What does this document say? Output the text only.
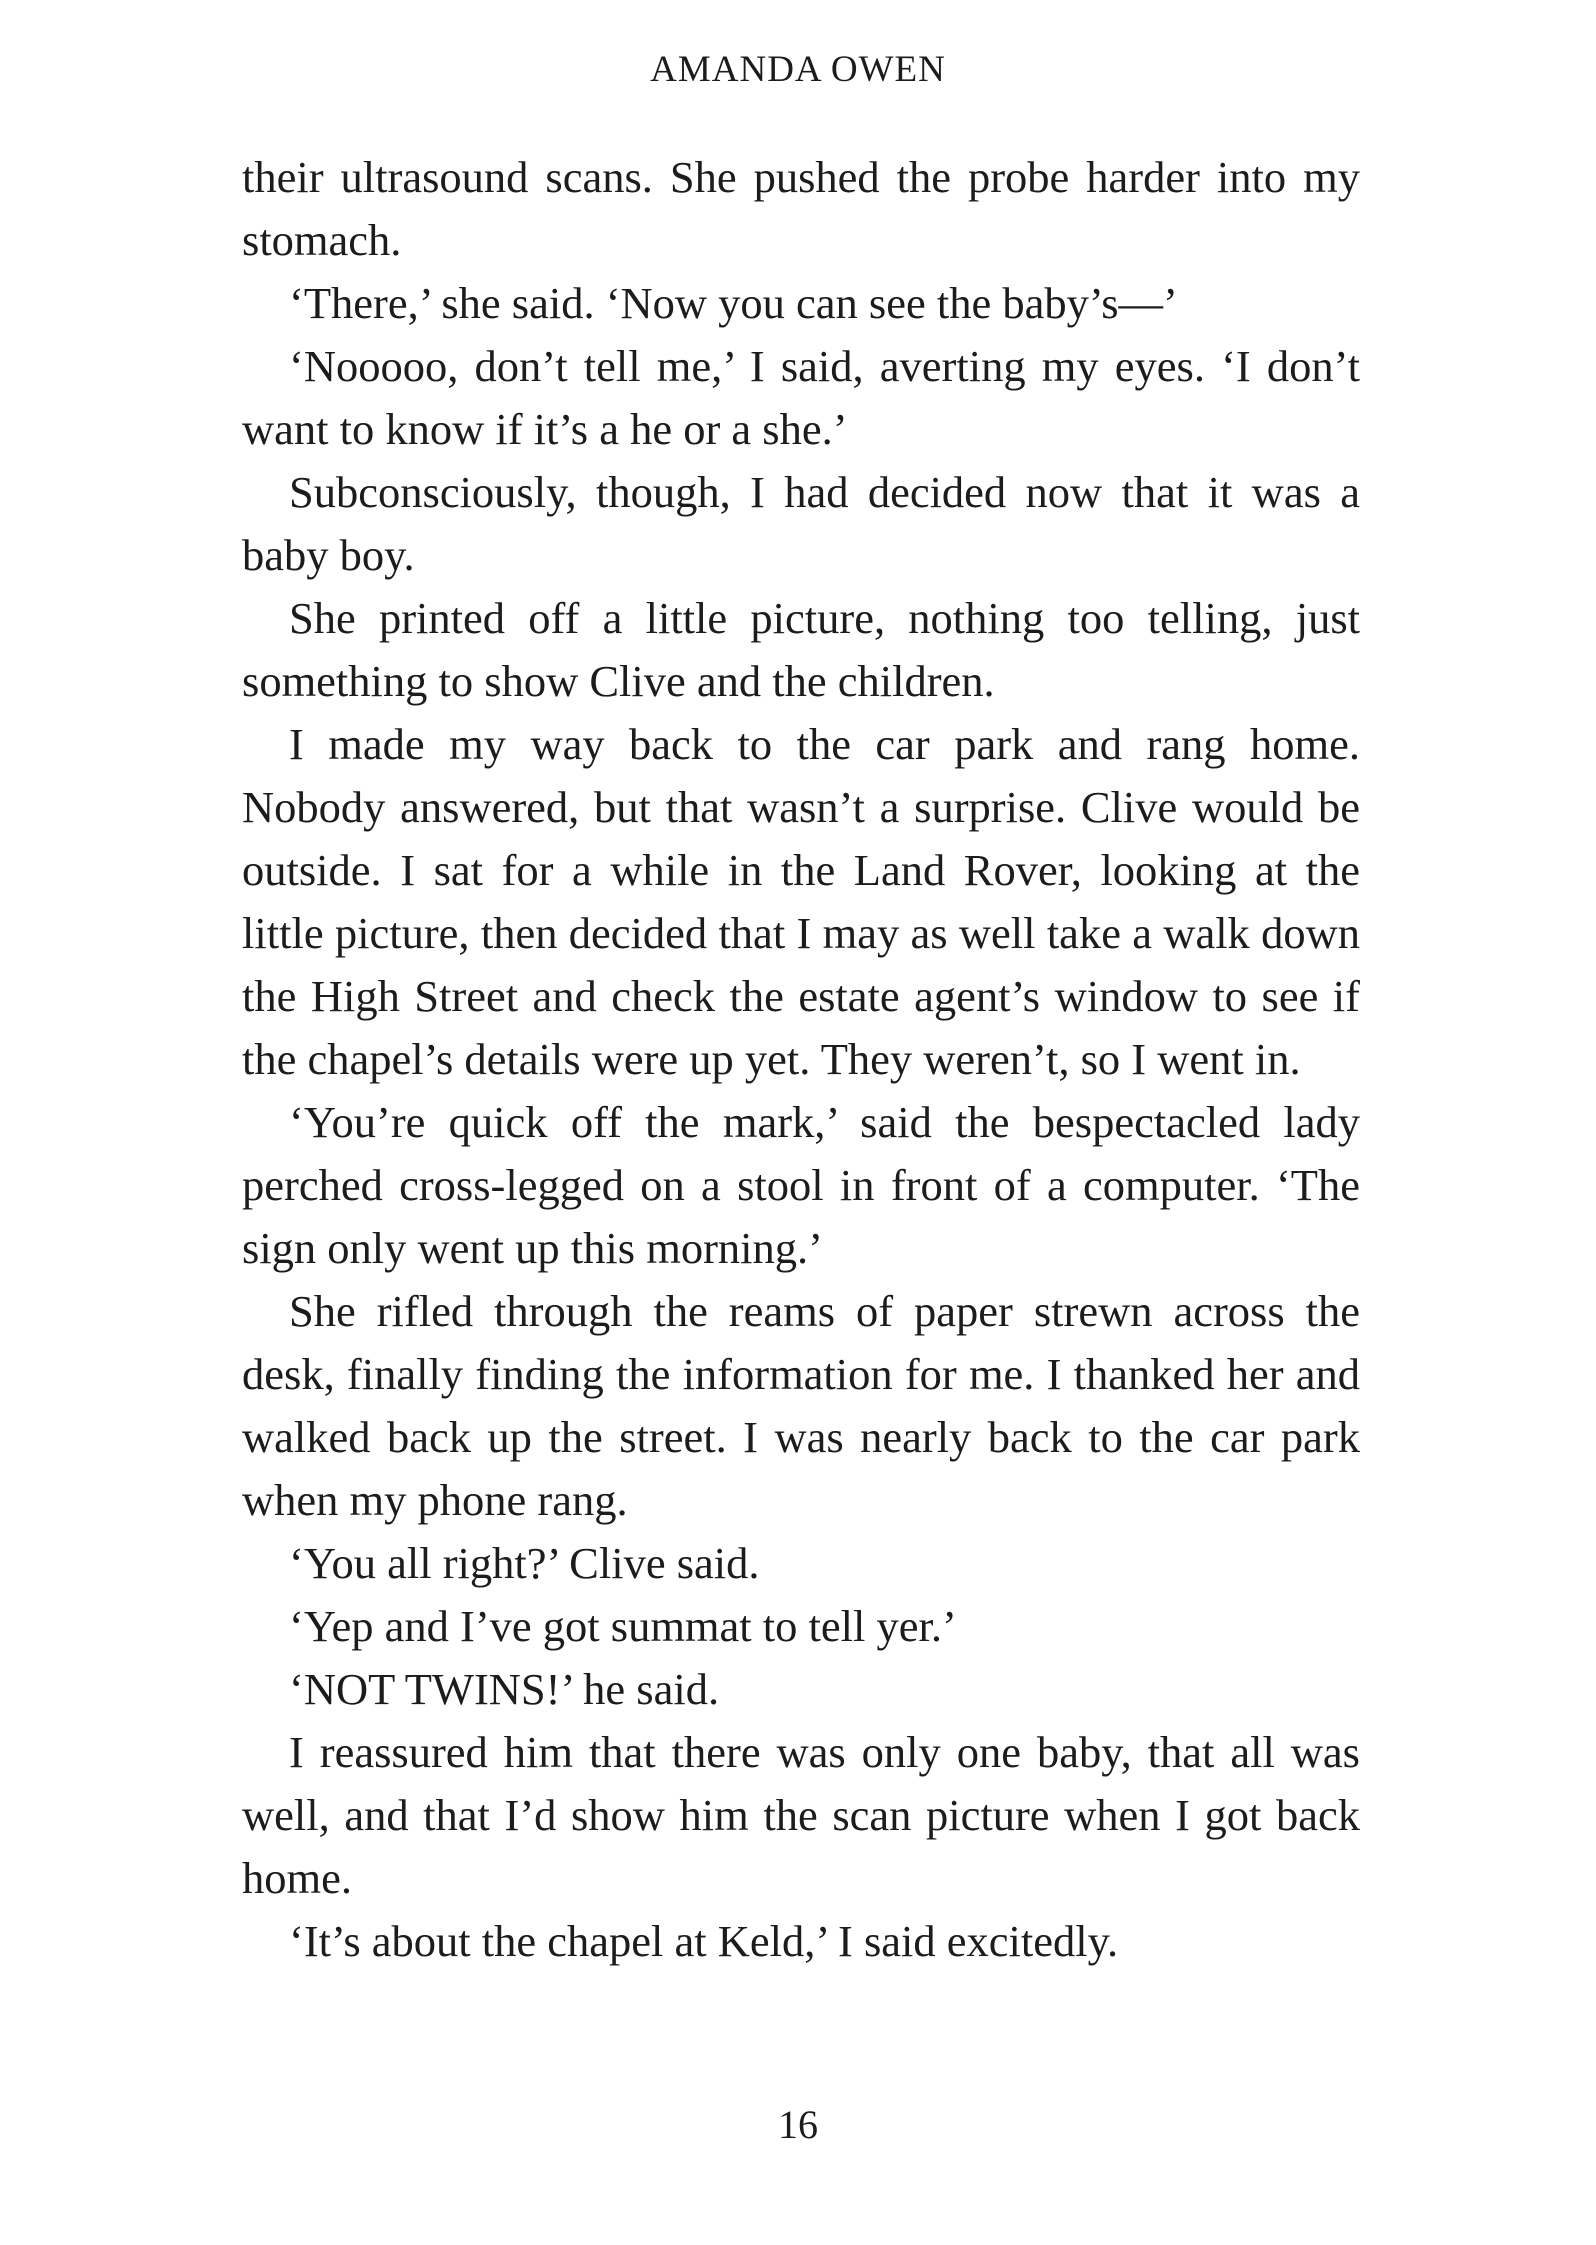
AMANDA OWEN

their ultrasound scans. She pushed the probe harder into my stomach.

‘There,’ she said. ‘Now you can see the baby’s—’

‘Nooooo, don’t tell me,’ I said, averting my eyes. ‘I don’t want to know if it’s a he or a she.’

Subconsciously, though, I had decided now that it was a baby boy.

She printed off a little picture, nothing too telling, just something to show Clive and the children.

I made my way back to the car park and rang home. Nobody answered, but that wasn’t a surprise. Clive would be outside. I sat for a while in the Land Rover, looking at the little picture, then decided that I may as well take a walk down the High Street and check the estate agent’s window to see if the chapel’s details were up yet. They weren’t, so I went in.

‘You’re quick off the mark,’ said the bespectacled lady perched cross-legged on a stool in front of a computer. ‘The sign only went up this morning.’

She rifled through the reams of paper strewn across the desk, finally finding the information for me. I thanked her and walked back up the street. I was nearly back to the car park when my phone rang.

‘You all right?’ Clive said.

‘Yep and I’ve got summat to tell yer.’

‘NOT TWINS!’ he said.

I reassured him that there was only one baby, that all was well, and that I’d show him the scan picture when I got back home.

‘It’s about the chapel at Keld,’ I said excitedly.

16
